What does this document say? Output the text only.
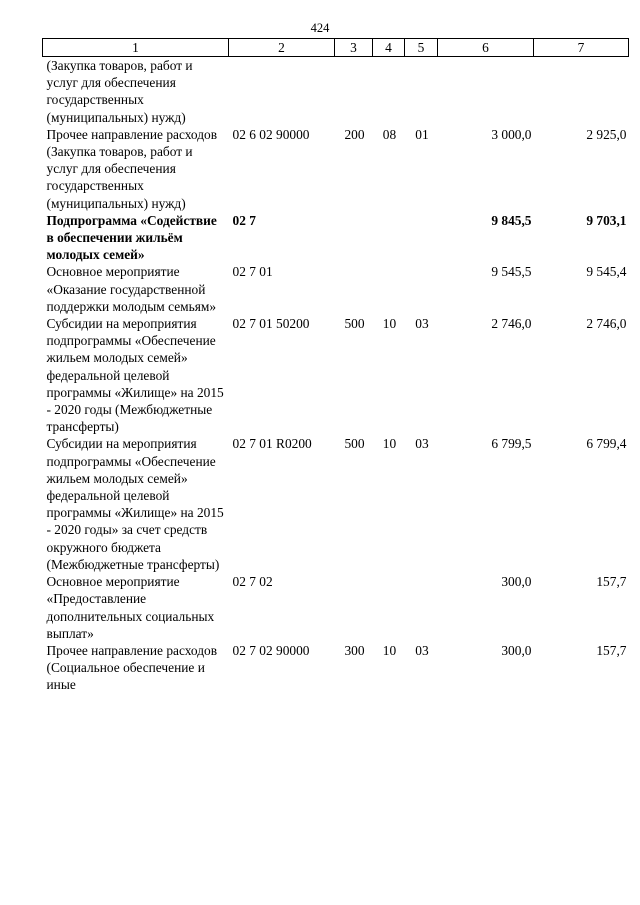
424
1	2	3	4	5	6	7
(Закупка товаров, работ и услуг для обеспечения государственных (муниципальных) нужд)						
Прочее направление расходов (Закупка товаров, работ и услуг для обеспечения государственных (муниципальных) нужд)	02 6 02 90000	200	08	01	3 000,0	2 925,0
Подпрограмма «Содействие в обеспечении жильём молодых семей»	02 7				9 845,5	9 703,1
Основное мероприятие «Оказание государственной поддержки молодым семьям»	02 7 01				9 545,5	9 545,4
Субсидии на мероприятия подпрограммы «Обеспечение жильем молодых семей» федеральной целевой программы «Жилище» на 2015 - 2020 годы (Межбюджетные трансферты)	02 7 01 50200	500	10	03	2 746,0	2 746,0
Субсидии на мероприятия подпрограммы «Обеспечение жильем молодых семей» федеральной целевой программы «Жилище» на 2015 - 2020 годы» за счет средств окружного бюджета (Межбюджетные трансферты)	02 7 01 R0200	500	10	03	6 799,5	6 799,4
Основное мероприятие «Предоставление дополнительных социальных выплат»	02 7 02				300,0	157,7
Прочее направление расходов (Социальное обеспечение и иные	02 7 02 90000	300	10	03	300,0	157,7
